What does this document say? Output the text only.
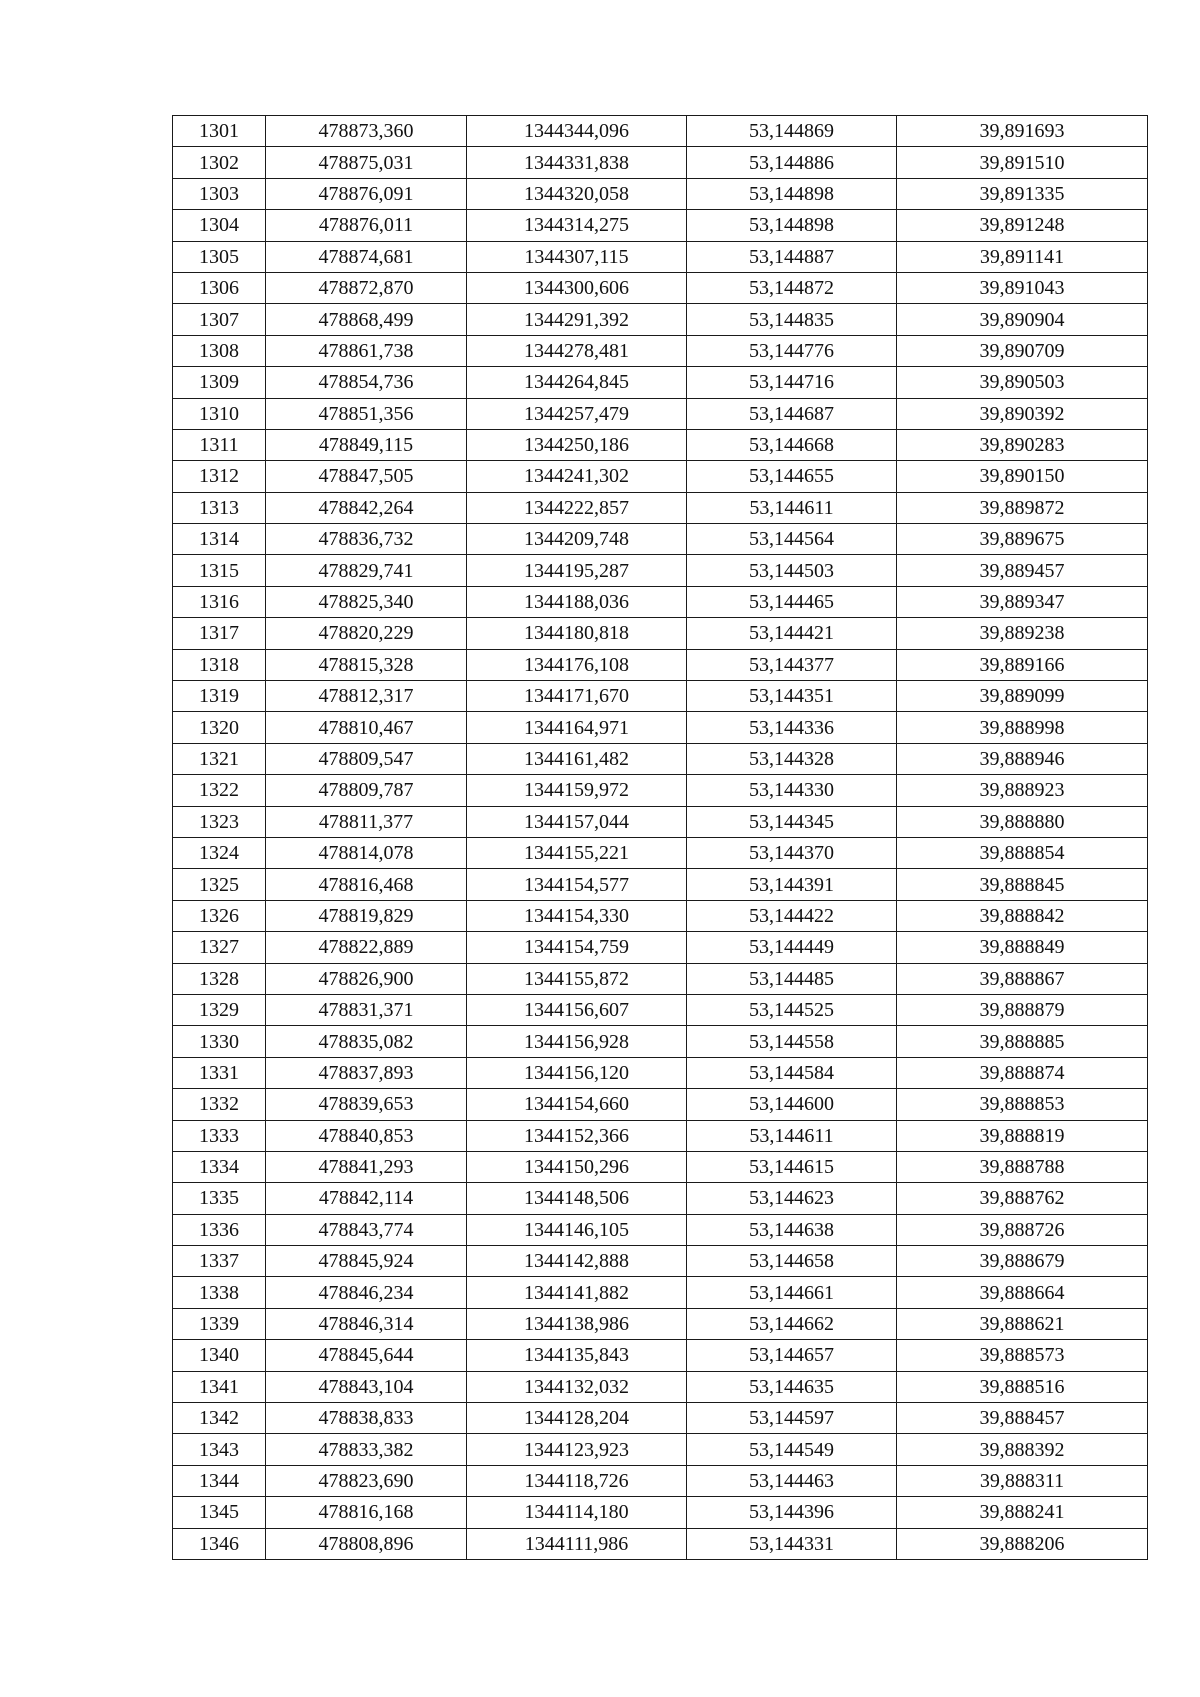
1301	478873,360	1344344,096	53,144869	39,891693
1302	478875,031	1344331,838	53,144886	39,891510
1303	478876,091	1344320,058	53,144898	39,891335
1304	478876,011	1344314,275	53,144898	39,891248
1305	478874,681	1344307,115	53,144887	39,891141
1306	478872,870	1344300,606	53,144872	39,891043
1307	478868,499	1344291,392	53,144835	39,890904
1308	478861,738	1344278,481	53,144776	39,890709
1309	478854,736	1344264,845	53,144716	39,890503
1310	478851,356	1344257,479	53,144687	39,890392
1311	478849,115	1344250,186	53,144668	39,890283
1312	478847,505	1344241,302	53,144655	39,890150
1313	478842,264	1344222,857	53,144611	39,889872
1314	478836,732	1344209,748	53,144564	39,889675
1315	478829,741	1344195,287	53,144503	39,889457
1316	478825,340	1344188,036	53,144465	39,889347
1317	478820,229	1344180,818	53,144421	39,889238
1318	478815,328	1344176,108	53,144377	39,889166
1319	478812,317	1344171,670	53,144351	39,889099
1320	478810,467	1344164,971	53,144336	39,888998
1321	478809,547	1344161,482	53,144328	39,888946
1322	478809,787	1344159,972	53,144330	39,888923
1323	478811,377	1344157,044	53,144345	39,888880
1324	478814,078	1344155,221	53,144370	39,888854
1325	478816,468	1344154,577	53,144391	39,888845
1326	478819,829	1344154,330	53,144422	39,888842
1327	478822,889	1344154,759	53,144449	39,888849
1328	478826,900	1344155,872	53,144485	39,888867
1329	478831,371	1344156,607	53,144525	39,888879
1330	478835,082	1344156,928	53,144558	39,888885
1331	478837,893	1344156,120	53,144584	39,888874
1332	478839,653	1344154,660	53,144600	39,888853
1333	478840,853	1344152,366	53,144611	39,888819
1334	478841,293	1344150,296	53,144615	39,888788
1335	478842,114	1344148,506	53,144623	39,888762
1336	478843,774	1344146,105	53,144638	39,888726
1337	478845,924	1344142,888	53,144658	39,888679
1338	478846,234	1344141,882	53,144661	39,888664
1339	478846,314	1344138,986	53,144662	39,888621
1340	478845,644	1344135,843	53,144657	39,888573
1341	478843,104	1344132,032	53,144635	39,888516
1342	478838,833	1344128,204	53,144597	39,888457
1343	478833,382	1344123,923	53,144549	39,888392
1344	478823,690	1344118,726	53,144463	39,888311
1345	478816,168	1344114,180	53,144396	39,888241
1346	478808,896	1344111,986	53,144331	39,888206
